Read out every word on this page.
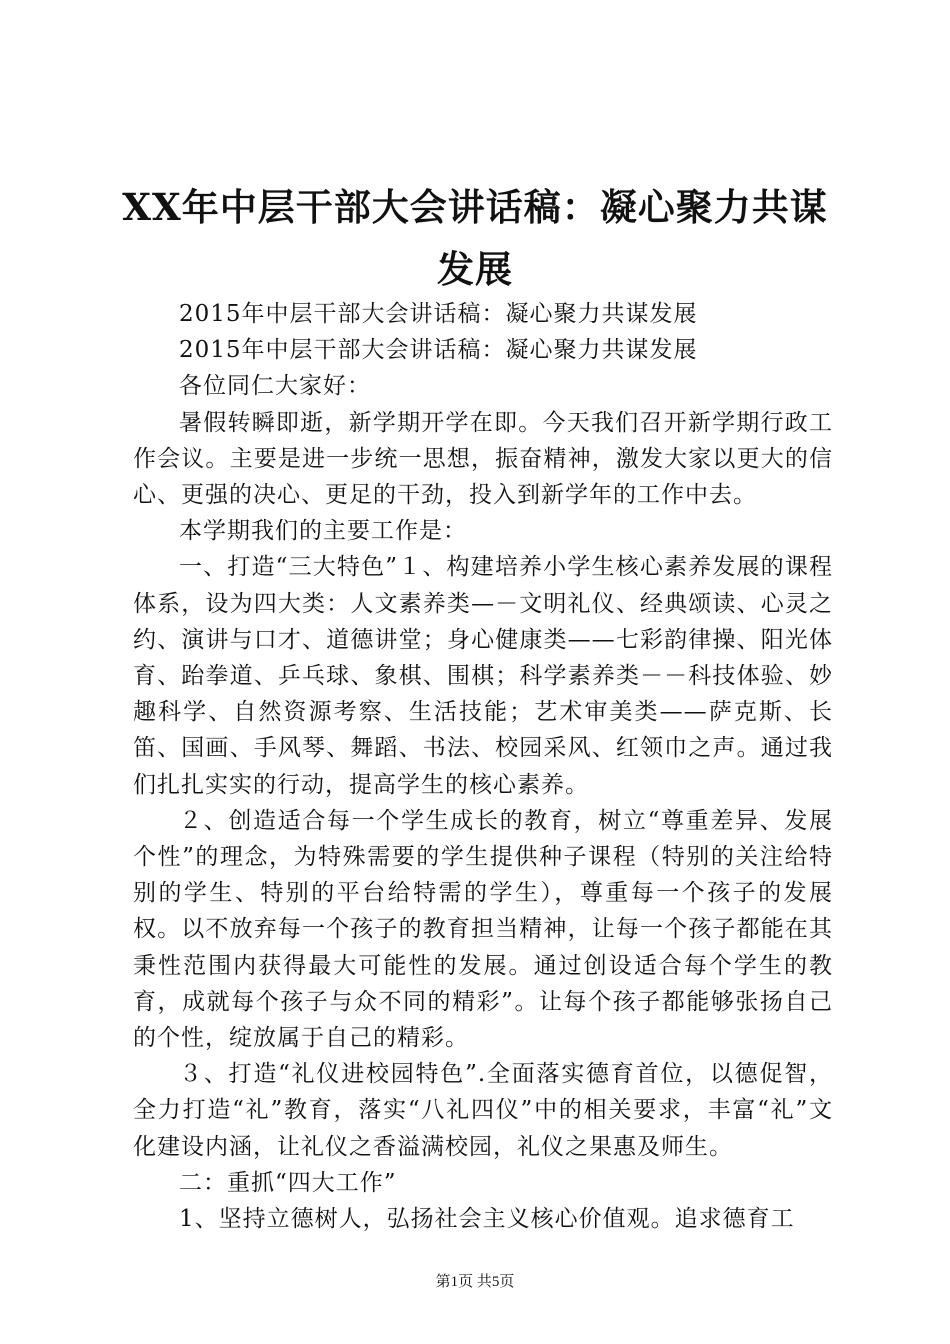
XX年中层干部大会讲话稿：凝心聚力共谋发展

2015年中层干部大会讲话稿：凝心聚力共谋发展

2015年中层干部大会讲话稿：凝心聚力共谋发展

各位同仁大家好：

暑假转瞬即逝，新学期开学在即。今天我们召开新学期行政工作会议。主要是进一步统一思想，振奋精神，激发大家以更大的信心、更强的决心、更足的干劲，投入到新学年的工作中去。

本学期我们的主要工作是：

一、打造“三大特色”１、构建培养小学生核心素养发展的课程体系，设为四大类：人文素养类—－文明礼仪、经典颂读、心灵之约、演讲与口才、道德讲堂；身心健康类——七彩韵律操、阳光体育、跆拳道、乒乓球、象棋、围棋；科学素养类－－科技体验、妙趣科学、自然资源考察、生活技能；艺术审美类——萨克斯、长笛、国画、手风琴、舞蹈、书法、校园采风、红领巾之声。通过我们扎扎实实的行动，提高学生的核心素养。

２、创造适合每一个学生成长的教育，树立“尊重差异、发展个性”的理念，为特殊需要的学生提供种子课程（特别的关注给特别的学生、特别的平台给特需的学生），尊重每一个孩子的发展权。以不放弃每一个孩子的教育担当精神，让每一个孩子都能在其秉性范围内获得最大可能性的发展。通过创设适合每个学生的教育，成就每个孩子与众不同的精彩”。让每个孩子都能够张扬自己的个性，绽放属于自己的精彩。

３、打造“礼仪进校园特色”.全面落实德育首位，以德促智，全力打造“礼”教育，落实“八礼四仪”中的相关要求，丰富“礼”文化建设内涵，让礼仪之香溢满校园，礼仪之果惠及师生。

二：重抓“四大工作”

1、坚持立德树人，弘扬社会主义核心价值观。追求德育工

第1页 共5页
